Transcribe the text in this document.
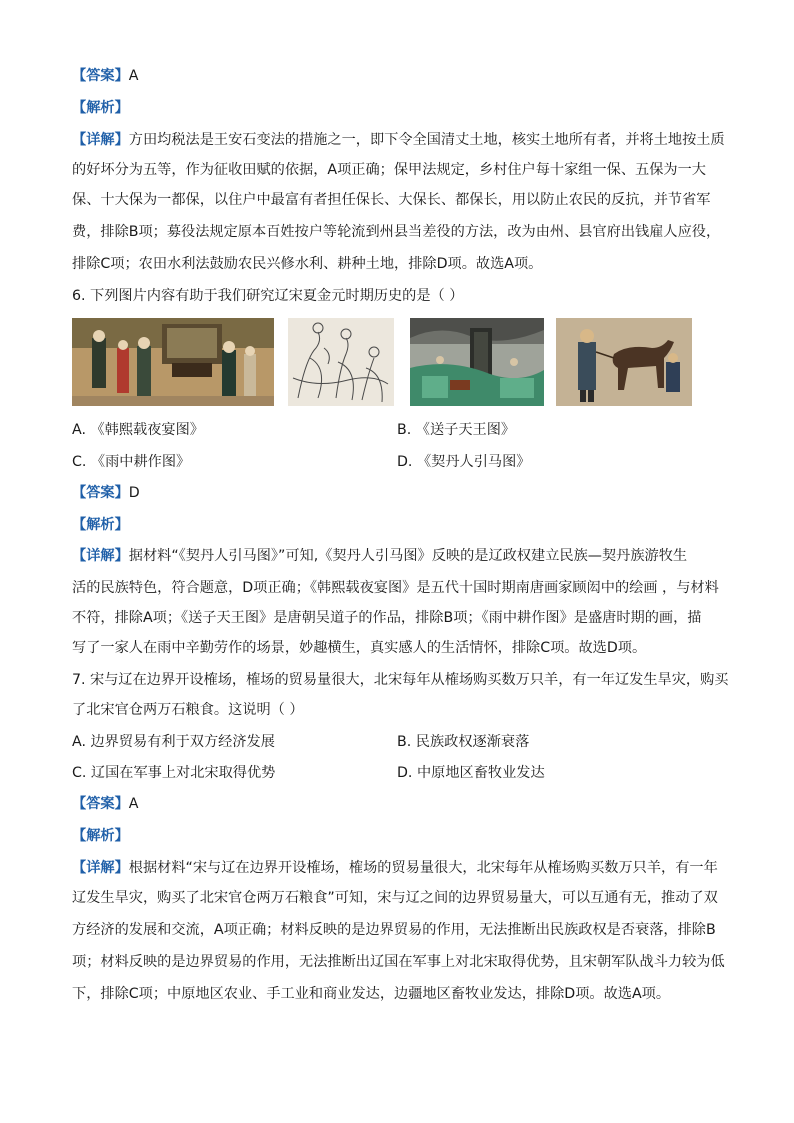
【答案】A
【解析】
【详解】方田均税法是王安石变法的措施之一，即下令全国清丈土地，核实土地所有者，并将土地按土质
的好坏分为五等，作为征收田赋的依据，A项正确；保甲法规定，乡村住户每十家组一保、五保为一大
保、十大保为一都保，以住户中最富有者担任保长、大保长、都保长，用以防止农民的反抗，并节省军
费，排除B项；募役法规定原本百姓按户等轮流到州县当差役的方法，改为由州、县官府出钱雇人应役，
排除C项；农田水利法鼓励农民兴修水利、耕种土地，排除D项。故选A项。
6. 下列图片内容有助于我们研究辽宋夏金元时期历史的是（ ）
A. 《韩熙载夜宴图》	B. 《送子天王图》
C. 《雨中耕作图》	D. 《契丹人引马图》
【答案】D
【解析】
【详解】据材料“《契丹人引马图》”可知,《契丹人引马图》反映的是辽政权建立民族—契丹族游牧生
活的民族特色，符合题意，D项正确；《韩熙载夜宴图》是五代十国时期南唐画家顾闳中的绘画 ，与材料
不符，排除A项；《送子天王图》是唐朝吴道子的作品，排除B项；《雨中耕作图》是盛唐时期的画，描
写了一家人在雨中辛勤劳作的场景，妙趣横生，真实感人的生活情怀，排除C项。故选D项。
7. 宋与辽在边界开设榷场，榷场的贸易量很大，北宋每年从榷场购买数万只羊，有一年辽发生旱灾，购买
了北宋官仓两万石粮食。这说明（ ）
A. 边界贸易有利于双方经济发展	B. 民族政权逐渐衰落
C. 辽国在军事上对北宋取得优势	D. 中原地区畜牧业发达
【答案】A
【解析】
【详解】根据材料“宋与辽在边界开设榷场，榷场的贸易量很大，北宋每年从榷场购买数万只羊，有一年
辽发生旱灾，购买了北宋官仓两万石粮食”可知，宋与辽之间的边界贸易量大，可以互通有无，推动了双
方经济的发展和交流，A项正确；材料反映的是边界贸易的作用，无法推断出民族政权是否衰落，排除B
项；材料反映的是边界贸易的作用，无法推断出辽国在军事上对北宋取得优势，且宋朝军队战斗力较为低
下，排除C项；中原地区农业、手工业和商业发达，边疆地区畜牧业发达，排除D项。故选A项。
